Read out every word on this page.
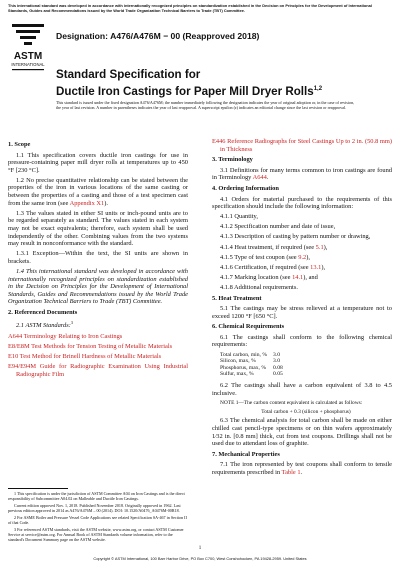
This international standard was developed in accordance with internationally recognized principles on standardization established in the Decision on Principles for the Development of International Standards, Guides and Recommendations issued by the World Trade Organization Technical Barriers to Trade (TBT) Committee.
ASTM
INTERNATIONAL
Designation: A476/A476M − 00 (Reapproved 2018)
Standard Specification for
Ductile Iron Castings for Paper Mill Dryer Rolls$^{1,2}$
This standard is issued under the fixed designation A476/A476M; the number immediately following the designation indicates the year of original adoption or, in the case of revision, the year of last revision. A number in parentheses indicates the year of last reapproval. A superscript epsilon (ε) indicates an editorial change since the last revision or reapproval.

1. Scope

1.1 This specification covers ductile iron castings for use in pressure-containing paper mill dryer rolls at temperatures up to 450 °F [230 °C].

1.2 No precise quantitative relationship can be stated between the properties of the iron in various locations of the same casting or between the properties of a casting and those of a test specimen cast from the same iron (see Appendix X1).

1.3 The values stated in either SI units or inch-pound units are to be regarded separately as standard. The values stated in each system may not be exact equivalents; therefore, each system shall be used independently of the other. Combining values from the two systems may result in nonconformance with the standard.

1.3.1 Exception—Within the text, the SI units are shown in brackets.

1.4 This international standard was developed in accordance with internationally recognized principles on standardization established in the Decision on Principles for the Development of International Standards, Guides and Recommendations issued by the World Trade Organization Technical Barriers to Trade (TBT) Committee.

2. Referenced Documents

2.1 ASTM Standards:$^3$

A644 Terminology Relating to Iron Castings

E8/E8M Test Methods for Tension Testing of Metallic Materials

E10 Test Method for Brinell Hardness of Metallic Materials

E94/E94M Guide for Radiographic Examination Using Industrial Radiographic Film

1 This specification is under the jurisdiction of ASTM Committee A04 on Iron Castings and is the direct responsibility of Subcommittee A04.02 on Malleable and Ductile Iron Castings.

Current edition approved Nov. 1, 2018. Published November 2018. Originally approved in 1962. Last previous edition approved in 2014 as A476/A476M – 00 (2014). DOI: 10.1520/A0476_A0476M-00R18.

2 For ASME Boiler and Pressure Vessel Code Applications see related Specification SA-467 in Section II of that Code.

3 For referenced ASTM standards, visit the ASTM website, www.astm.org, or contact ASTM Customer Service at service@astm.org. For Annual Book of ASTM Standards volume information, refer to the standard's Document Summary page on the ASTM website.

E446 Reference Radiographs for Steel Castings Up to 2 in. (50.8 mm) in Thickness

3. Terminology

3.1 Definitions for many terms common to iron castings are found in Terminology A644.

4. Ordering Information

4.1 Orders for material purchased to the requirements of this specification should include the following information:

4.1.1 Quantity,

4.1.2 Specification number and date of issue,

4.1.3 Description of casting by pattern number or drawing,

4.1.4 Heat treatment, if required (see 5.1),

4.1.5 Type of test coupon (see 9.2),

4.1.6 Certification, if required (see 13.1),

4.1.7 Marking location (see 14.1), and

4.1.8 Additional requirements.

5. Heat Treatment

5.1 The castings may be stress relieved at a temperature not to exceed 1200 °F [650 °C].

6. Chemical Requirements

6.1 The castings shall conform to the following chemical requirements:

Total carbon, min, %	3.0
Silicon, max, %	3.0
Phosphorus, max, %	0.08
Sulfur, max, %	0.05

6.2 The castings shall have a carbon equivalent of 3.8 to 4.5 inclusive.

NOTE 1—The carbon content equivalent is calculated as follows:

Total carbon + 0.3 (silicon + phosphorus)

6.3 The chemical analysis for total carbon shall be made on either chilled cast pencil-type specimens or on thin wafers approximately 1⁄32 in. [0.8 mm] thick, cut from test coupons. Drillings shall not be used due to attendant loss of graphite.

7. Mechanical Properties

7.1 The iron represented by test coupons shall conform to tensile requirements prescribed in Table 1.

Copyright © ASTM International, 100 Barr Harbor Drive, PO Box C700, West Conshohocken, PA 19428-2959. United States
1
